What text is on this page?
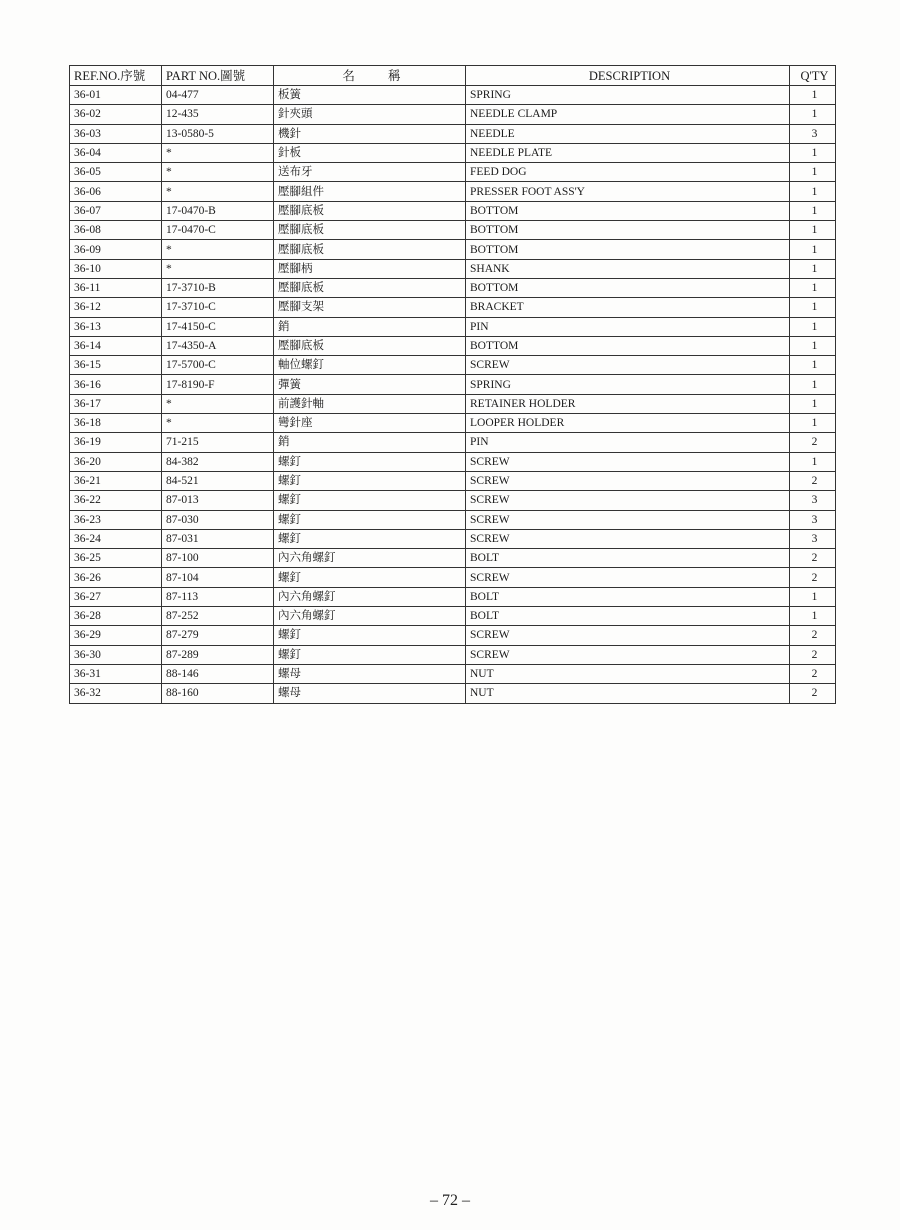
REF.NO.序號	PART NO.圖號	名 稱	DESCRIPTION	Q'TY
36-01	04-477	板簧	SPRING	1
36-02	12-435	針夾頭	NEEDLE CLAMP	1
36-03	13-0580-5	機針	NEEDLE	3
36-04	*	針板	NEEDLE PLATE	1
36-05	*	送布牙	FEED DOG	1
36-06	*	壓腳組件	PRESSER FOOT ASS'Y	1
36-07	17-0470-B	壓腳底板	BOTTOM	1
36-08	17-0470-C	壓腳底板	BOTTOM	1
36-09	*	壓腳底板	BOTTOM	1
36-10	*	壓腳柄	SHANK	1
36-11	17-3710-B	壓腳底板	BOTTOM	1
36-12	17-3710-C	壓腳支架	BRACKET	1
36-13	17-4150-C	銷	PIN	1
36-14	17-4350-A	壓腳底板	BOTTOM	1
36-15	17-5700-C	軸位螺釘	SCREW	1
36-16	17-8190-F	彈簧	SPRING	1
36-17	*	前護針軸	RETAINER HOLDER	1
36-18	*	彎針座	LOOPER HOLDER	1
36-19	71-215	銷	PIN	2
36-20	84-382	螺釘	SCREW	1
36-21	84-521	螺釘	SCREW	2
36-22	87-013	螺釘	SCREW	3
36-23	87-030	螺釘	SCREW	3
36-24	87-031	螺釘	SCREW	3
36-25	87-100	內六角螺釘	BOLT	2
36-26	87-104	螺釘	SCREW	2
36-27	87-113	內六角螺釘	BOLT	1
36-28	87-252	內六角螺釘	BOLT	1
36-29	87-279	螺釘	SCREW	2
36-30	87-289	螺釘	SCREW	2
36-31	88-146	螺母	NUT	2
36-32	88-160	螺母	NUT	2
– 72 –
